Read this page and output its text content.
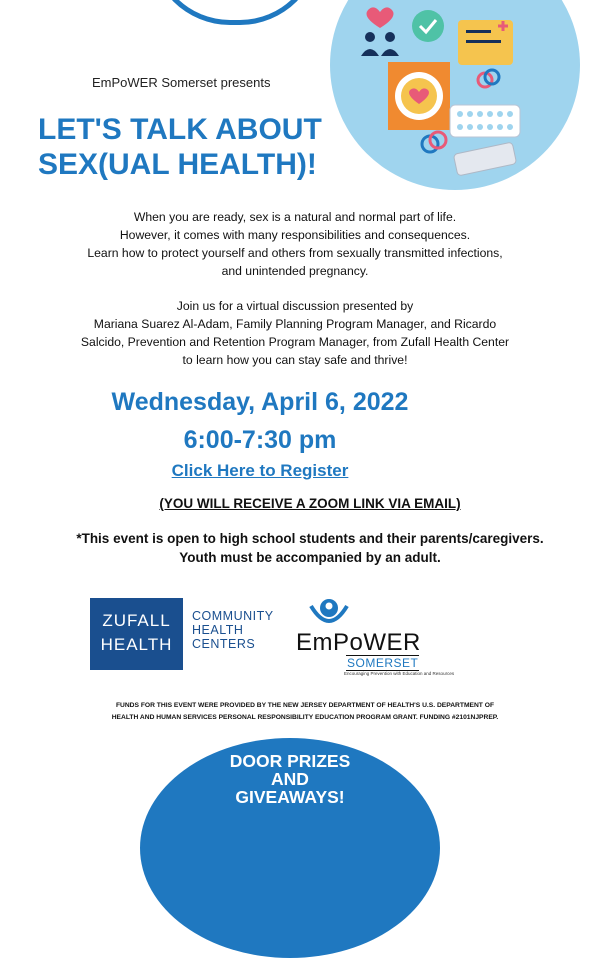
EmPoWER Somerset presents
LET'S TALK ABOUT
SEX(UAL HEALTH)!
When you are ready, sex is a natural and normal part of life.
However, it comes with many responsibilities and consequences.
Learn how to protect yourself and others from sexually transmitted infections,
and unintended pregnancy.
Join us for a virtual discussion presented by
Mariana Suarez Al-Adam, Family Planning Program Manager, and Ricardo
Salcido, Prevention and Retention Program Manager, from Zufall Health Center
to learn how you can stay safe and thrive!
Wednesday, April 6, 2022
6:00-7:30 pm
Click Here to Register
(YOU WILL RECEIVE A ZOOM LINK VIA EMAIL)
*This event is open to high school students and their parents/caregivers.
Youth must be accompanied by an adult.
ZUFALL
HEALTH
COMMUNITY
HEALTH
CENTERS	EmPoWER
SOMERSET
Encouraging Prevention with Education and Resources
FUNDS FOR THIS EVENT WERE PROVIDED BY THE NEW JERSEY DEPARTMENT OF HEALTH'S U.S. DEPARTMENT OF
HEALTH AND HUMAN SERVICES PERSONAL RESPONSIBILITY EDUCATION PROGRAM GRANT. FUNDING #2101NJPREP.
DOOR PRIZES
AND
GIVEAWAYS!
